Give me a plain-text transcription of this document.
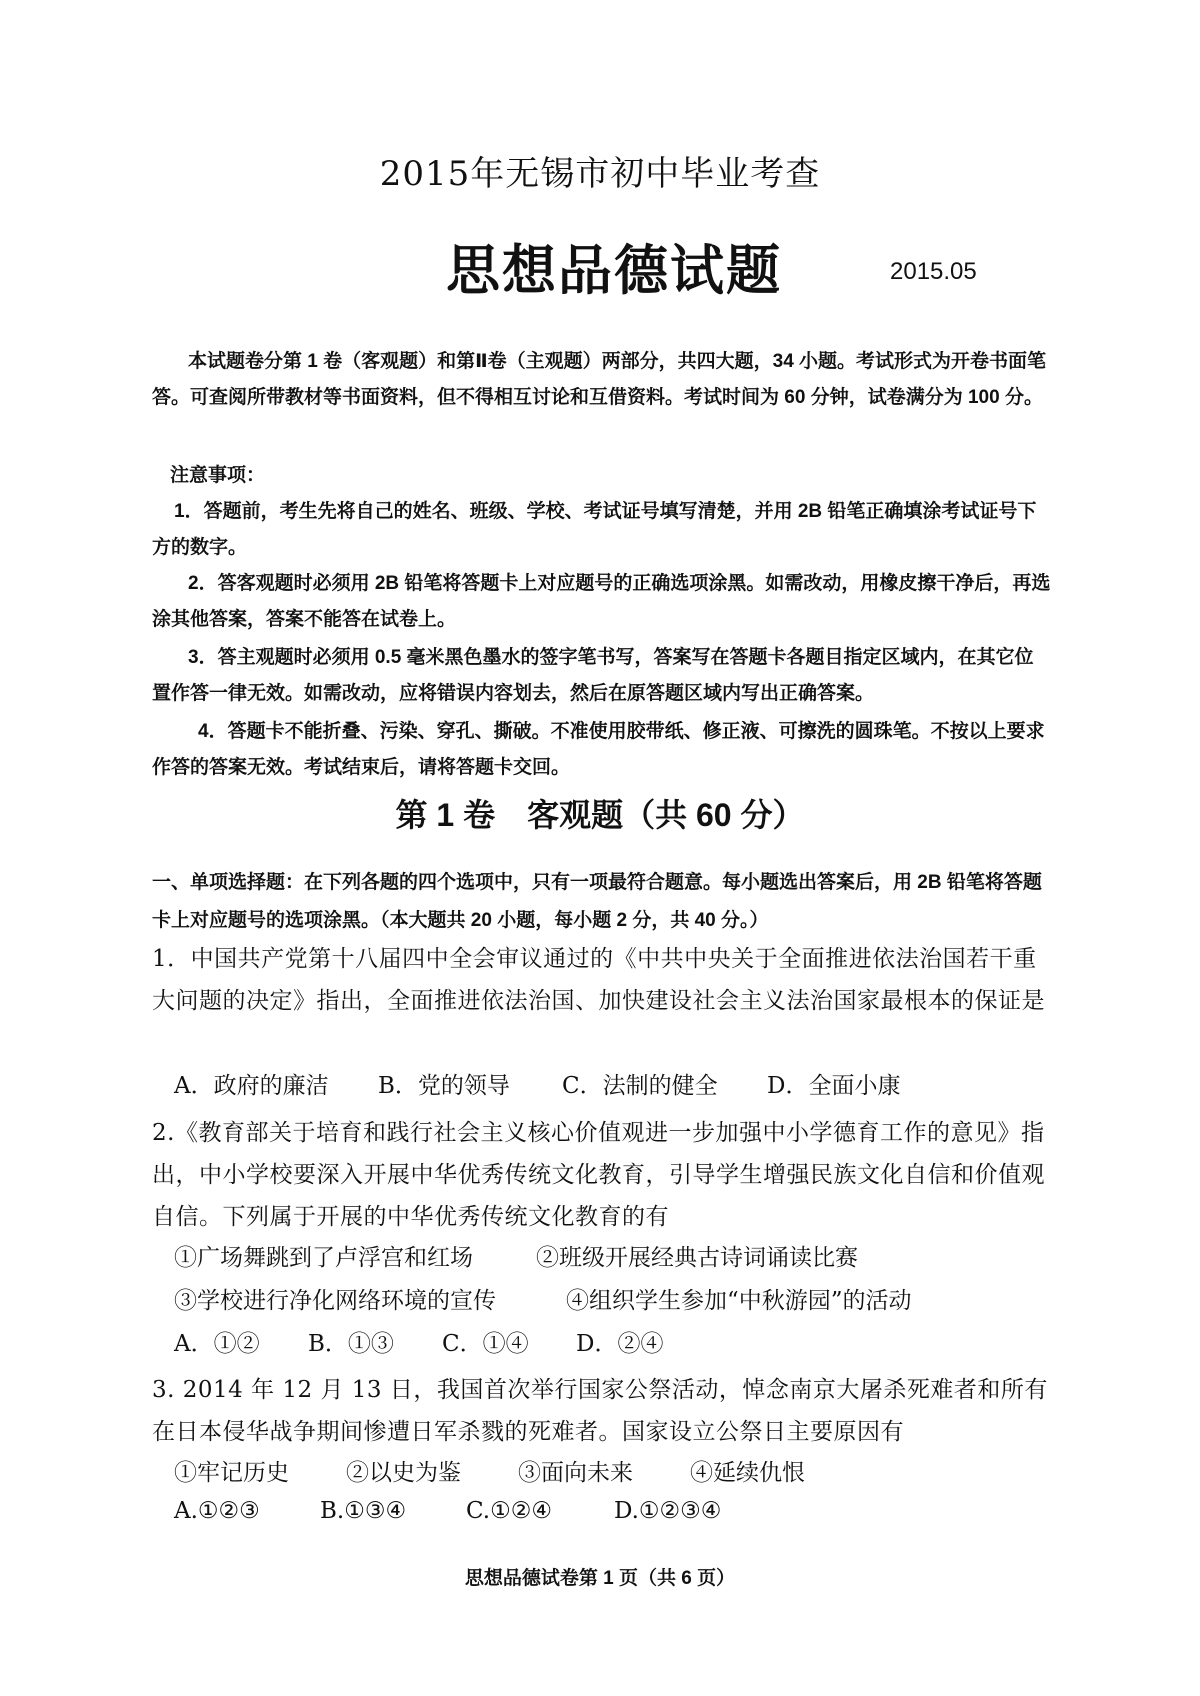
2015年无锡市初中毕业考查
思想品德试题	2015.05
本试题卷分第 1 卷（客观题）和第Ⅱ卷（主观题）两部分，共四大题，34 小题。考试形式为开卷书面笔答。可查阅所带教材等书面资料，但不得相互讨论和互借资料。考试时间为 60 分钟，试卷满分为 100 分。
注意事项：
1．答题前，考生先将自己的姓名、班级、学校、考试证号填写清楚，并用 2B 铅笔正确填涂考试证号下方的数字。
2．答客观题时必须用 2B 铅笔将答题卡上对应题号的正确选项涂黑。如需改动，用橡皮擦干净后，再选涂其他答案，答案不能答在试卷上。
3．答主观题时必须用 0.5 毫米黑色墨水的签字笔书写，答案写在答题卡各题目指定区域内，在其它位置作答一律无效。如需改动，应将错误内容划去，然后在原答题区域内写出正确答案。
4．答题卡不能折叠、污染、穿孔、撕破。不准使用胶带纸、修正液、可擦洗的圆珠笔。不按以上要求作答的答案无效。考试结束后，请将答题卡交回。
第 1 卷　客观题（共 60 分）
一、单项选择题：在下列各题的四个选项中，只有一项最符合题意。每小题选出答案后，用 2B 铅笔将答题卡上对应题号的选项涂黑。（本大题共 20 小题，每小题 2 分，共 40 分。）
1．中国共产党第十八届四中全会审议通过的《中共中央关于全面推进依法治国若干重大问题的决定》指出，全面推进依法治国、加快建设社会主义法治国家最根本的保证是
A．政府的廉洁 B．党的领导 C．法制的健全 D．全面小康
2.《教育部关于培育和践行社会主义核心价值观进一步加强中小学德育工作的意见》指出，中小学校要深入开展中华优秀传统文化教育，引导学生增强民族文化自信和价值观自信。下列属于开展的中华优秀传统文化教育的有
①广场舞跳到了卢浮宫和红场	②班级开展经典古诗词诵读比赛
③学校进行净化网络环境的宣传	④组织学生参加“中秋游园”的活动
A．①② B．①③ C．①④ D．②④
3. 2014 年 12 月 13 日，我国首次举行国家公祭活动，悼念南京大屠杀死难者和所有在日本侵华战争期间惨遭日军杀戮的死难者。国家设立公祭日主要原因有
①牢记历史 ②以史为鉴 ③面向未来 ④延续仇恨
A.①②③	B.①③④	C.①②④	D.①②③④
思想品德试卷第 1 页（共 6 页）
